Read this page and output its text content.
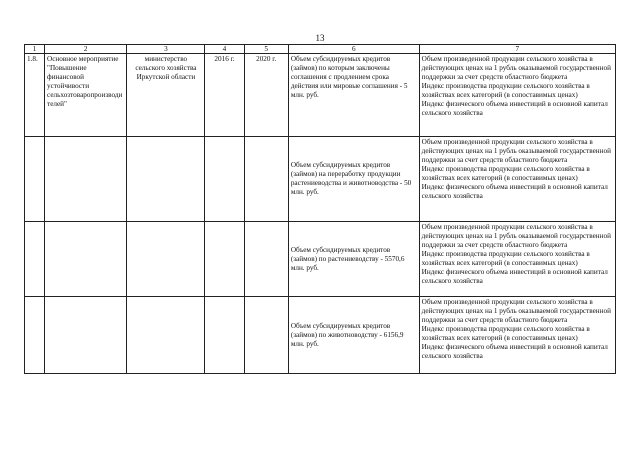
13
1	2	3	4	5	6	7
1.8.	Основное мероприятие "Повышение финансовой устойчивости сельхозтоваропроизводи телей"	министерство сельского хозяйства Иркутской области	2016 г.	2020 г.	Объем субсидируемых кредитов (займов) по которым заключены соглашения с продлением срока действия или мировые соглашения - 5 млн. руб.	Объем произведенной продукции сельского хозяйства в действующих ценах на 1 рубль оказываемой государственной поддержки за счет средств областного бюджета
Индекс производства продукции сельского хозяйства в хозяйствах всех категорий (в сопоставимых ценах)
Индекс физического объема инвестиций в основной капитал сельского хозяйства
					Объем субсидируемых кредитов (займов) на переработку продукции растениеводства и животноводства - 50 млн. руб.	Объем произведенной продукции сельского хозяйства в действующих ценах на 1 рубль оказываемой государственной поддержки за счет средств областного бюджета
Индекс производства продукции сельского хозяйства в хозяйствах всех категорий (в сопоставимых ценах)
Индекс физического объема инвестиций в основной капитал сельского хозяйства
					Объем субсидируемых кредитов (займов) по растениеводству - 5570,6 млн. руб.	Объем произведенной продукции сельского хозяйства в действующих ценах на 1 рубль оказываемой государственной поддержки за счет средств областного бюджета
Индекс производства продукции сельского хозяйства в хозяйствах всех категорий (в сопоставимых ценах)
Индекс физического объема инвестиций в основной капитал сельского хозяйства
					Объем субсидируемых кредитов (займов) по животноводству - 6156,9 млн. руб.	Объем произведенной продукции сельского хозяйства в действующих ценах на 1 рубль оказываемой государственной поддержки за счет средств областного бюджета
Индекс производства продукции сельского хозяйства в хозяйствах всех категорий (в сопоставимых ценах)
Индекс физического объема инвестиций в основной капитал сельского хозяйства
